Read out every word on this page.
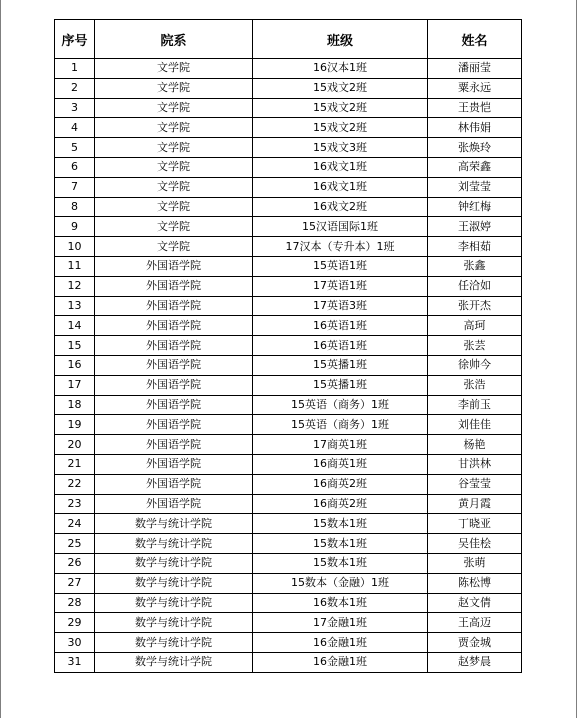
序号	院系	班级	姓名
1	文学院	16汉本1班	潘丽莹
2	文学院	15戏文2班	粟永远
3	文学院	15戏文2班	王贵恺
4	文学院	15戏文2班	林伟娟
5	文学院	15戏文3班	张焕玲
6	文学院	16戏文1班	高荣鑫
7	文学院	16戏文1班	刘莹莹
8	文学院	16戏文2班	钟红梅
9	文学院	15汉语国际1班	王淑婷
10	文学院	17汉本（专升本）1班	李相茹
11	外国语学院	15英语1班	张鑫
12	外国语学院	17英语1班	任洽如
13	外国语学院	17英语3班	张开杰
14	外国语学院	16英语1班	高珂
15	外国语学院	16英语1班	张芸
16	外国语学院	15英播1班	徐帅今
17	外国语学院	15英播1班	张浩
18	外国语学院	15英语（商务）1班	李前玉
19	外国语学院	15英语（商务）1班	刘佳佳
20	外国语学院	17商英1班	杨艳
21	外国语学院	16商英1班	甘洪林
22	外国语学院	16商英2班	谷莹莹
23	外国语学院	16商英2班	黄月霞
24	数学与统计学院	15数本1班	丁晓亚
25	数学与统计学院	15数本1班	吴佳桧
26	数学与统计学院	15数本1班	张萌
27	数学与统计学院	15数本（金融）1班	陈松博
28	数学与统计学院	16数本1班	赵文倩
29	数学与统计学院	17金融1班	王高迈
30	数学与统计学院	16金融1班	贾金城
31	数学与统计学院	16金融1班	赵梦晨
